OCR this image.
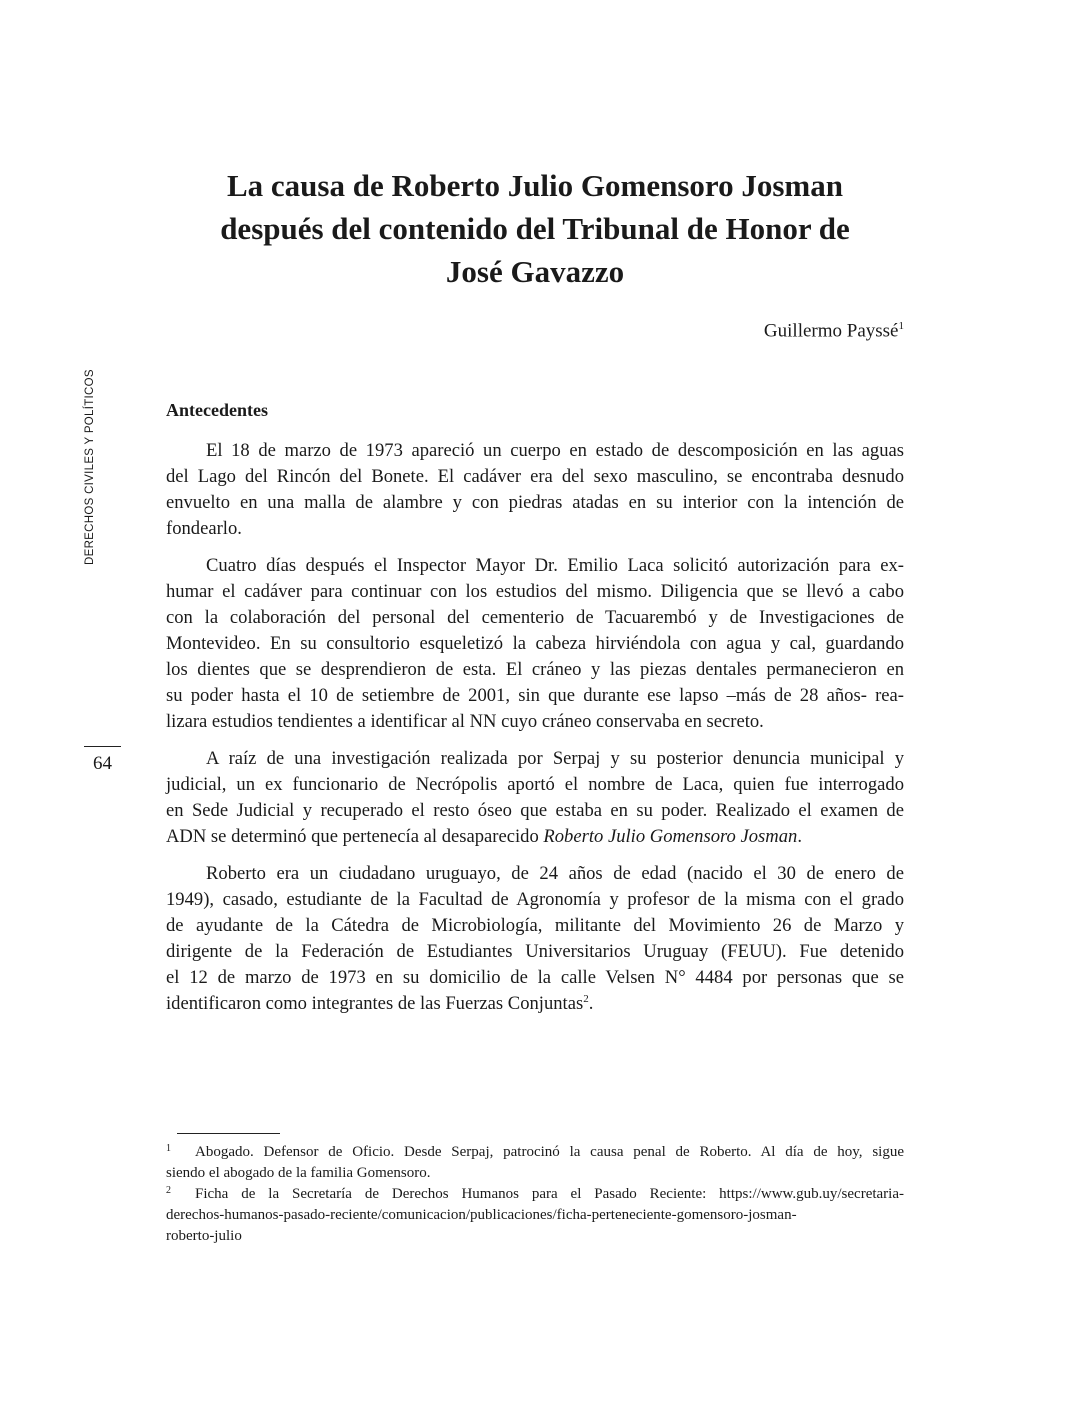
DERECHOS CIVILES Y POLÍTICOS
64
La causa de Roberto Julio Gomensoro Josman
después del contenido del Tribunal de Honor de
José Gavazzo
Guillermo Payssé$^1$
Antecedentes
El 18 de marzo de 1973 apareció un cuerpo en estado de descomposición en las aguas
del Lago del Rincón del Bonete. El cadáver era del sexo masculino, se encontraba desnudo
envuelto en una malla de alambre y con piedras atadas en su interior con la intención de
fondearlo.
Cuatro días después el Inspector Mayor Dr. Emilio Laca solicitó autorización para ex-
humar el cadáver para continuar con los estudios del mismo. Diligencia que se llevó a cabo
con la colaboración del personal del cementerio de Tacuarembó y de Investigaciones de
Montevideo. En su consultorio esqueletizó la cabeza hirviéndola con agua y cal, guardando
los dientes que se desprendieron de esta. El cráneo y las piezas dentales permanecieron en
su poder hasta el 10 de setiembre de 2001, sin que durante ese lapso –más de 28 años- rea-
lizara estudios tendientes a identificar al NN cuyo cráneo conservaba en secreto.
A raíz de una investigación realizada por Serpaj y su posterior denuncia municipal y
judicial, un ex funcionario de Necrópolis aportó el nombre de Laca, quien fue interrogado
en Sede Judicial y recuperado el resto óseo que estaba en su poder. Realizado el examen de
ADN se determinó que pertenecía al desaparecido Roberto Julio Gomensoro Josman.
Roberto era un ciudadano uruguayo, de 24 años de edad (nacido el 30 de enero de
1949), casado, estudiante de la Facultad de Agronomía y profesor de la misma con el grado
de ayudante de la Cátedra de Microbiología, militante del Movimiento 26 de Marzo y
dirigente de la Federación de Estudiantes Universitarios Uruguay (FEUU). Fue detenido
el 12 de marzo de 1973 en su domicilio de la calle Velsen N° 4484 por personas que se
identificaron como integrantes de las Fuerzas Conjuntas$^2$.
1 Abogado. Defensor de Oficio. Desde Serpaj, patrocinó la causa penal de Roberto. Al día de hoy, sigue
siendo el abogado de la familia Gomensoro.
2 Ficha de la Secretaría de Derechos Humanos para el Pasado Reciente: https://www.gub.uy/secretaria-
derechos-humanos-pasado-reciente/comunicacion/publicaciones/ficha-perteneciente-gomensoro-josman-
roberto-julio
